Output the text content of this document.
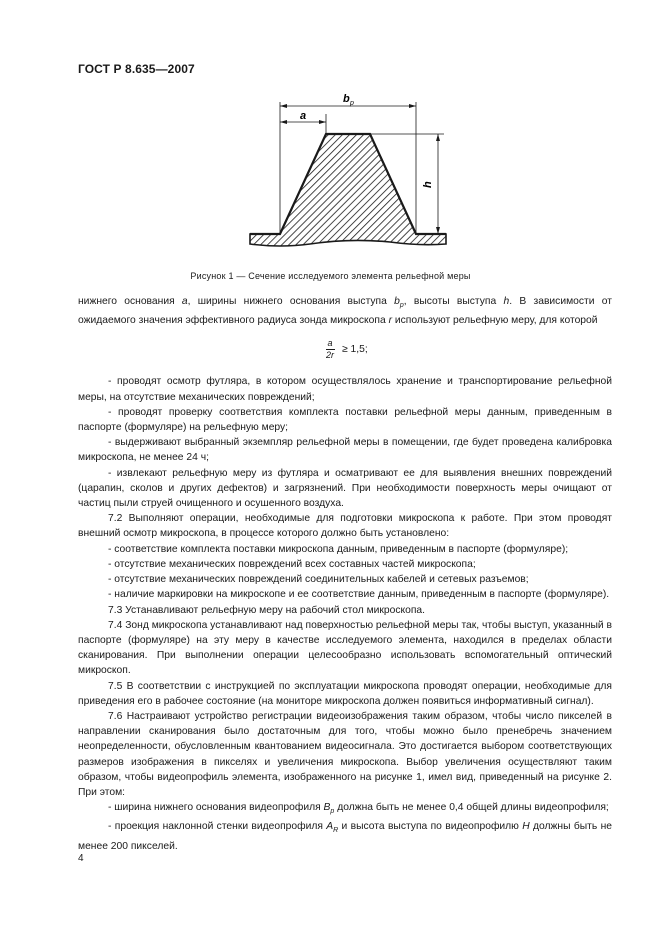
ГОСТ Р 8.635—2007
b p
a
h
Рисунок 1 — Сечение исследуемого элемента рельефной меры

нижнего основания a, ширины нижнего основания выступа $b_p$, высоты выступа h. В зависимости от ожидаемого значения эффективного радиуса зонда микроскопа r используют рельефную меру, для которой

$\frac{a}{2r} \ge 1,5$;

- проводят осмотр футляра, в котором осуществлялось хранение и транспортирование рельефной меры, на отсутствие механических повреждений;

- проводят проверку соответствия комплекта поставки рельефной меры данным, приведенным в паспорте (формуляре) на рельефную меру;

- выдерживают выбранный экземпляр рельефной меры в помещении, где будет проведена калибровка микроскопа, не менее 24 ч;

- извлекают рельефную меру из футляра и осматривают ее для выявления внешних повреждений (царапин, сколов и других дефектов) и загрязнений. При необходимости поверхность меры очищают от частиц пыли струей очищенного и осушенного воздуха.

7.2 Выполняют операции, необходимые для подготовки микроскопа к работе. При этом проводят внешний осмотр микроскопа, в процессе которого должно быть установлено:

- соответствие комплекта поставки микроскопа данным, приведенным в паспорте (формуляре);

- отсутствие механических повреждений всех составных частей микроскопа;

- отсутствие механических повреждений соединительных кабелей и сетевых разъемов;

- наличие маркировки на микроскопе и ее соответствие данным, приведенным в паспорте (формуляре).

7.3 Устанавливают рельефную меру на рабочий стол микроскопа.

7.4 Зонд микроскопа устанавливают над поверхностью рельефной меры так, чтобы выступ, указанный в паспорте (формуляре) на эту меру в качестве исследуемого элемента, находился в пределах области сканирования. При выполнении операции целесообразно использовать вспомогательный оптический микроскоп.

7.5 В соответствии с инструкцией по эксплуатации микроскопа проводят операции, необходимые для приведения его в рабочее состояние (на мониторе микроскопа должен появиться информативный сигнал).

7.6 Настраивают устройство регистрации видеоизображения таким образом, чтобы число пикселей в направлении сканирования было достаточным для того, чтобы можно было пренебречь значением неопределенности, обусловленным квантованием видеосигнала. Это достигается выбором соответствующих размеров изображения в пикселях и увеличения микроскопа. Выбор увеличения осуществляют таким образом, чтобы видеопрофиль элемента, изображенного на рисунке 1, имел вид, приведенный на рисунке 2. При этом:

- ширина нижнего основания видеопрофиля $B_p$ должна быть не менее 0,4 общей длины видеопрофиля;

- проекция наклонной стенки видеопрофиля $A_R$ и высота выступа по видеопрофилю H должны быть не менее 200 пикселей.

4
